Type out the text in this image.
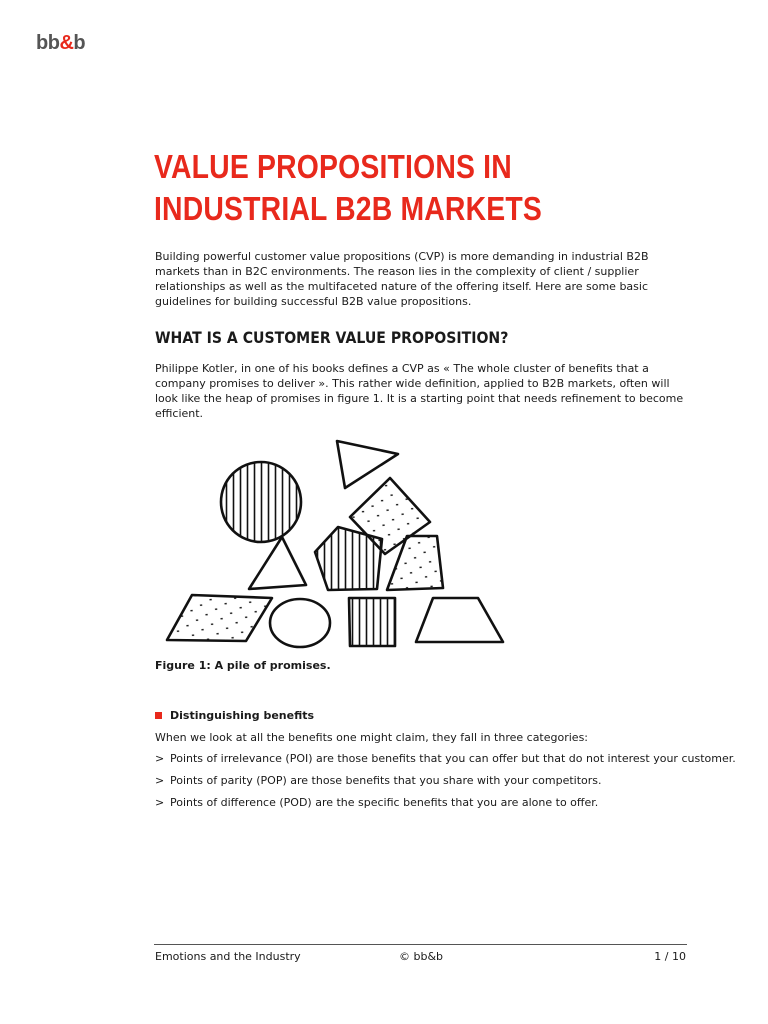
bb&b
VALUE PROPOSITIONS IN
INDUSTRIAL B2B MARKETS

Building powerful customer value propositions (CVP) is more demanding in industrial B2B markets than in B2C environments. The reason lies in the complexity of client / supplier relationships as well as the multifaceted nature of the offering itself. Here are some basic guidelines for building successful B2B value propositions.

WHAT IS A CUSTOMER VALUE PROPOSITION?

Philippe Kotler, in one of his books defines a CVP as « The whole cluster of benefits that a company promises to deliver ». This rather wide definition, applied to B2B markets, often will look like the heap of promises in figure 1. It is a starting point that needs refinement to become efficient.

Figure 1: A pile of promises.

Distinguishing benefits

When we look at all the benefits one might claim, they fall in three categories:

> Points of irrelevance (POI) are those benefits that you can offer but that do not interest your customer.
> Points of parity (POP) are those benefits that you share with your competitors.
> Points of difference (POD) are the specific benefits that you are alone to offer.
Emotions and the Industry	© bb&b	1 / 10
